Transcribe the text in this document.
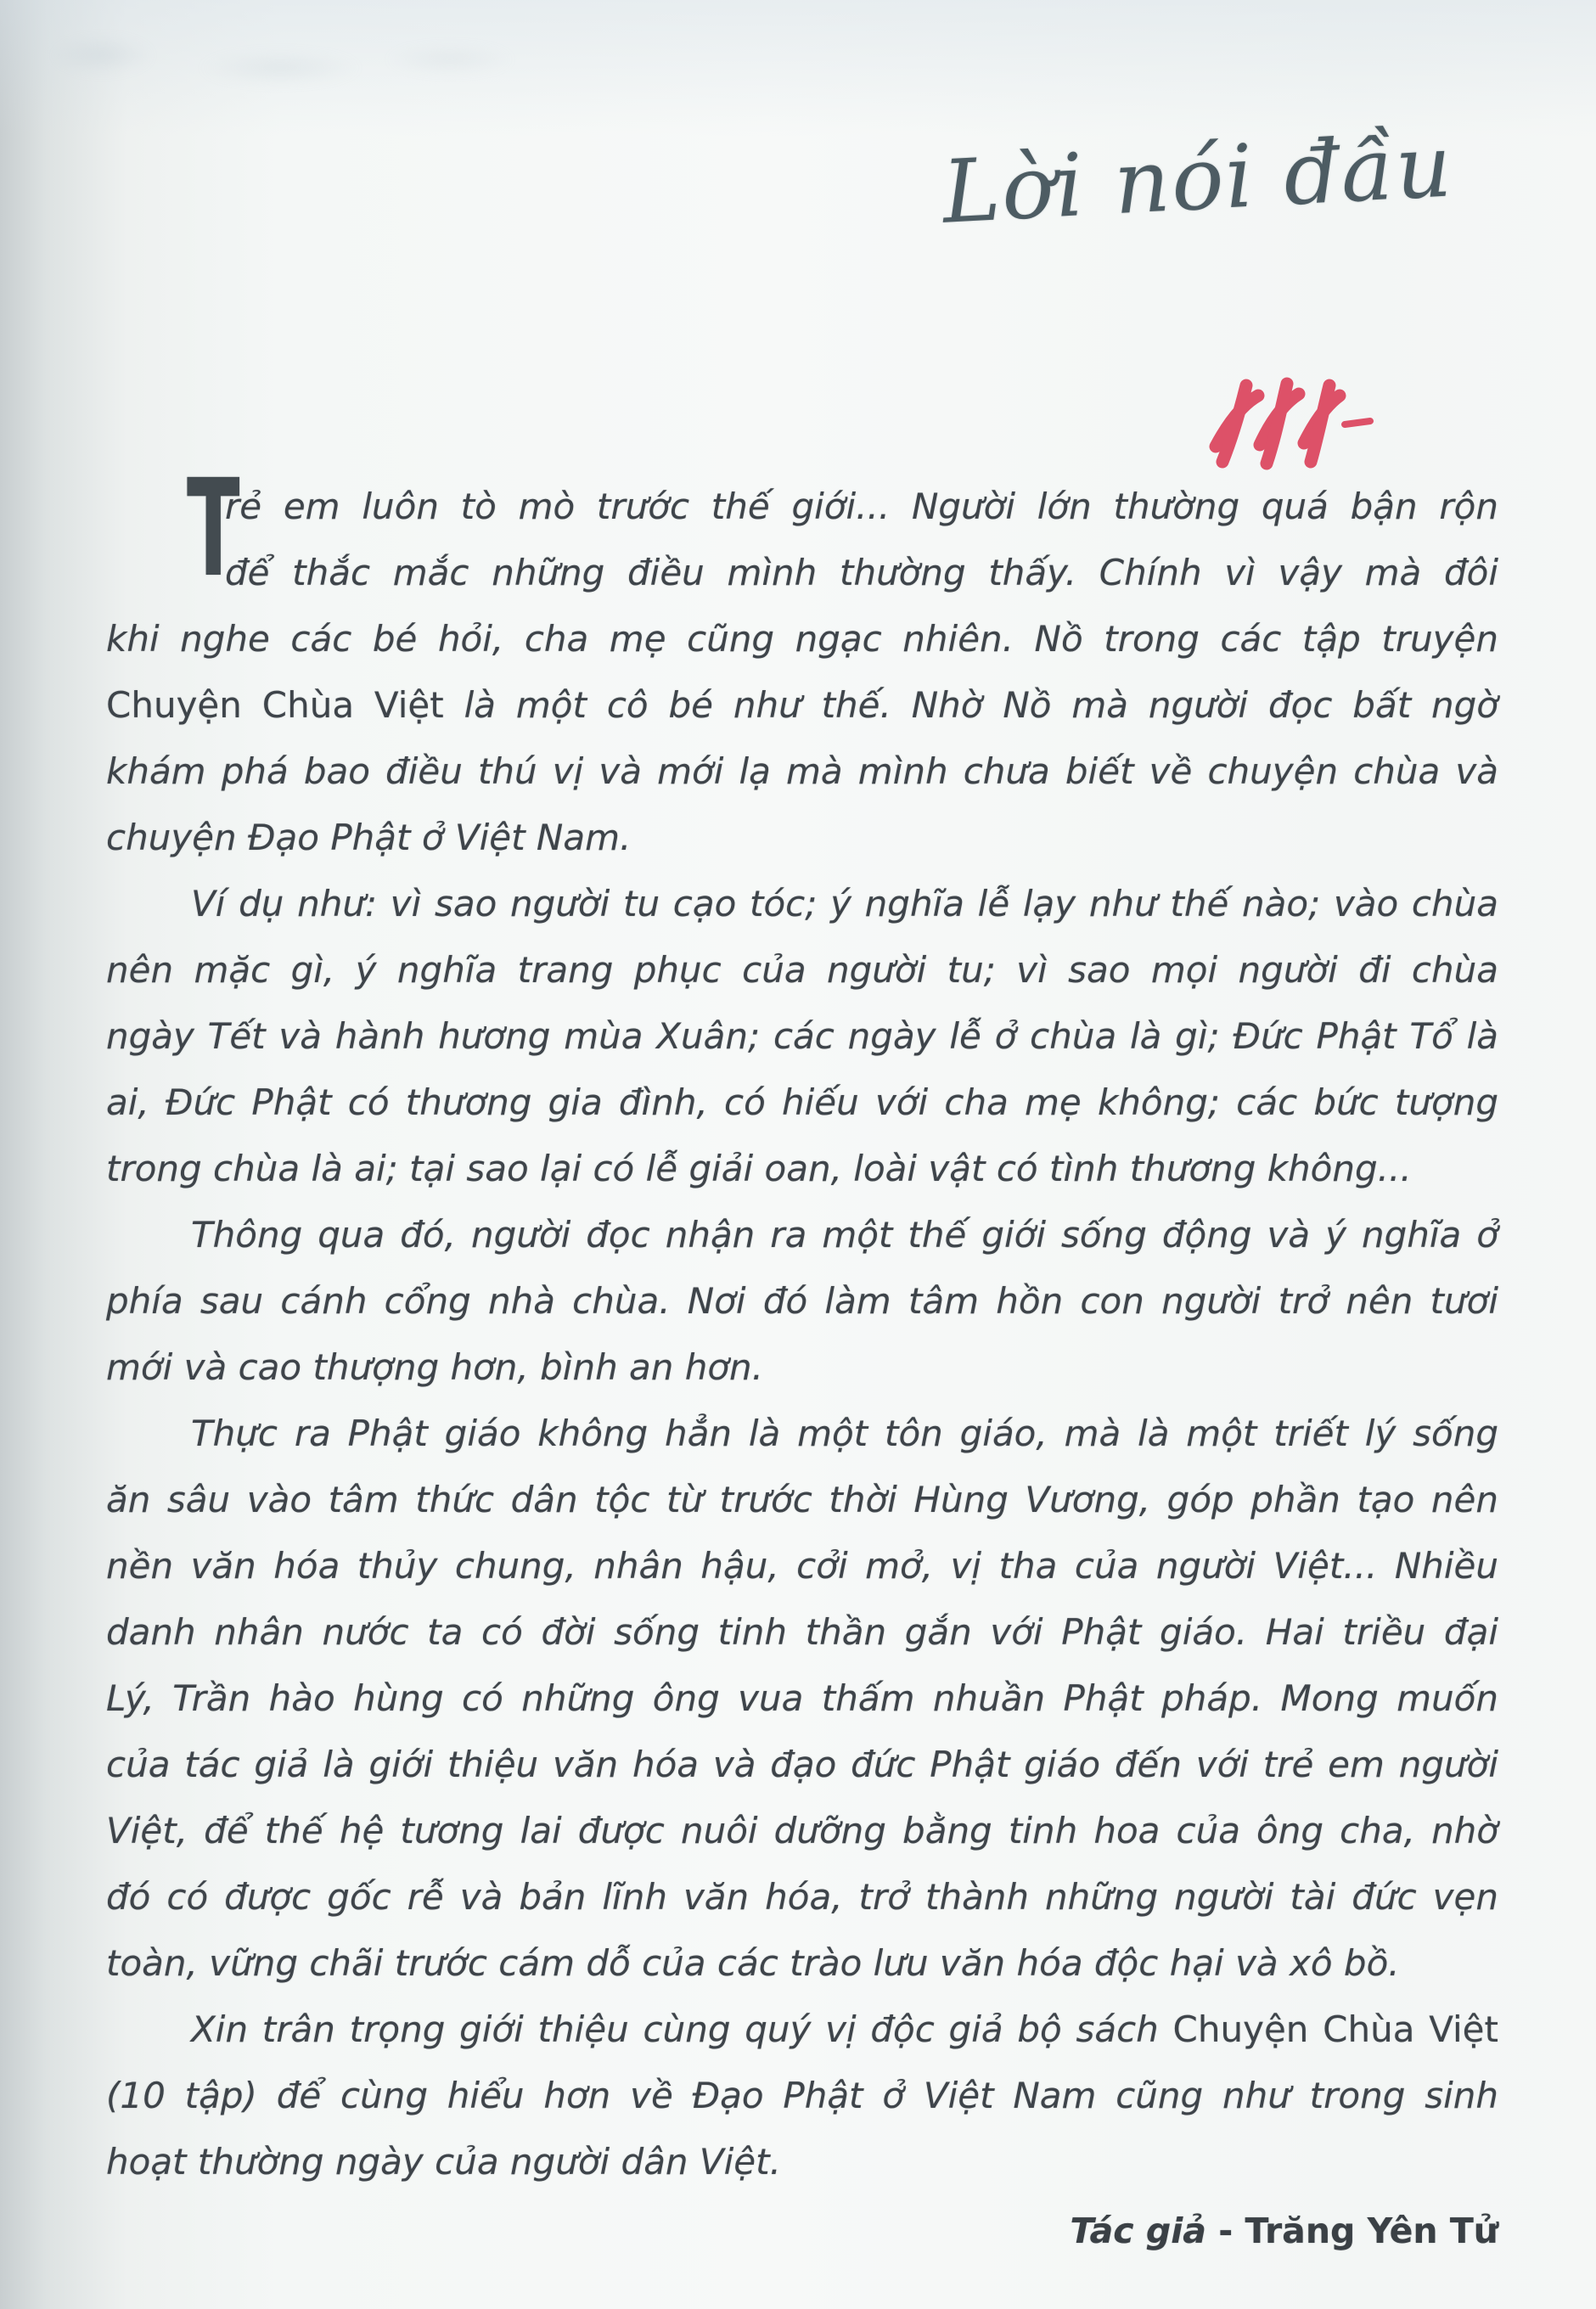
Lời nói đầu
T
rẻ em luôn tò mò trước thế giới... Người lớn thường quá bận rộn
để thắc mắc những điều mình thường thấy. Chính vì vậy mà đôi
khi nghe các bé hỏi, cha mẹ cũng ngạc nhiên. Nồ trong các tập truyện
Chuyện Chùa Việt là một cô bé như thế. Nhờ Nồ mà người đọc bất ngờ
khám phá bao điều thú vị và mới lạ mà mình chưa biết về chuyện chùa và
chuyện Đạo Phật ở Việt Nam.
Ví dụ như: vì sao người tu cạo tóc; ý nghĩa lễ lạy như thế nào; vào chùa
nên mặc gì, ý nghĩa trang phục của người tu; vì sao mọi người đi chùa
ngày Tết và hành hương mùa Xuân; các ngày lễ ở chùa là gì; Đức Phật Tổ là
ai, Đức Phật có thương gia đình, có hiếu với cha mẹ không; các bức tượng
trong chùa là ai; tại sao lại có lễ giải oan, loài vật có tình thương không...
Thông qua đó, người đọc nhận ra một thế giới sống động và ý nghĩa ở
phía sau cánh cổng nhà chùa. Nơi đó làm tâm hồn con người trở nên tươi
mới và cao thượng hơn, bình an hơn.
Thực ra Phật giáo không hẳn là một tôn giáo, mà là một triết lý sống
ăn sâu vào tâm thức dân tộc từ trước thời Hùng Vương, góp phần tạo nên
nền văn hóa thủy chung, nhân hậu, cởi mở, vị tha của người Việt... Nhiều
danh nhân nước ta có đời sống tinh thần gắn với Phật giáo. Hai triều đại
Lý, Trần hào hùng có những ông vua thấm nhuần Phật pháp. Mong muốn
của tác giả là giới thiệu văn hóa và đạo đức Phật giáo đến với trẻ em người
Việt, để thế hệ tương lai được nuôi dưỡng bằng tinh hoa của ông cha, nhờ
đó có được gốc rễ và bản lĩnh văn hóa, trở thành những người tài đức vẹn
toàn, vững chãi trước cám dỗ của các trào lưu văn hóa độc hại và xô bồ.
Xin trân trọng giới thiệu cùng quý vị độc giả bộ sách Chuyện Chùa Việt
(10 tập) để cùng hiểu hơn về Đạo Phật ở Việt Nam cũng như trong sinh
hoạt thường ngày của người dân Việt.
Tác giả - Trăng Yên Tử
